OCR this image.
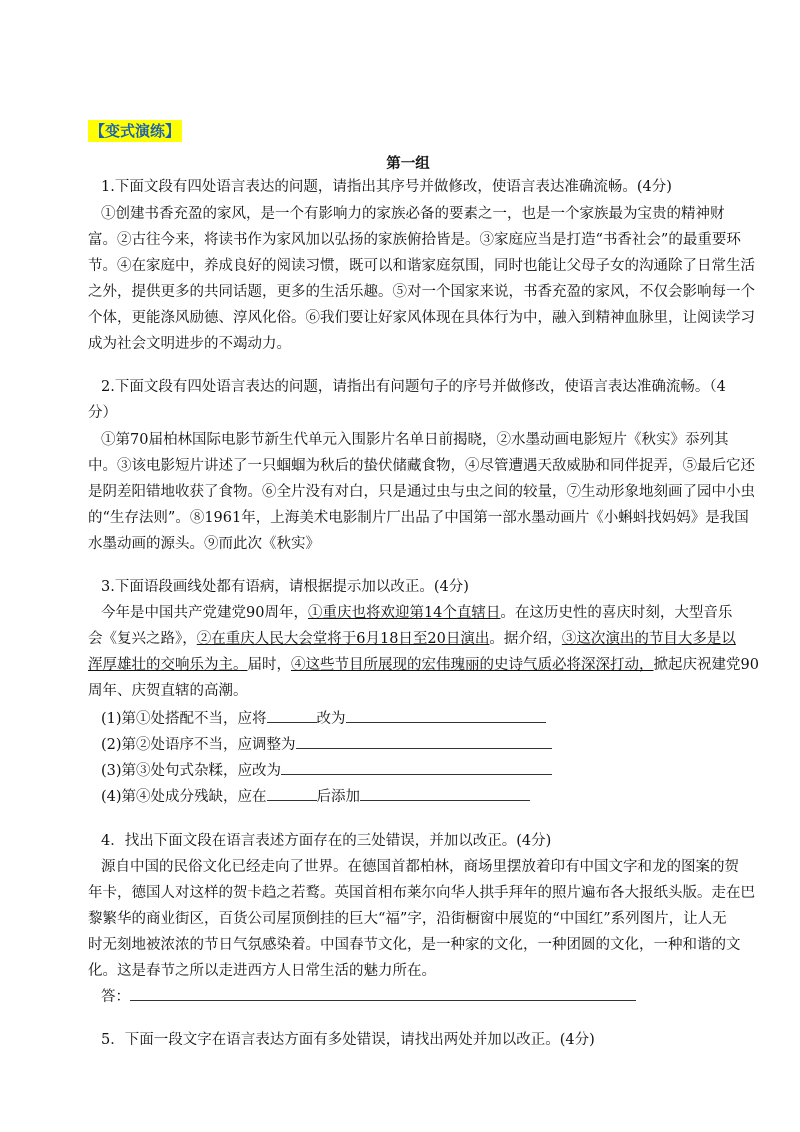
【变式演练】
第一组
1.下面文段有四处语言表达的问题，请指出其序号并做修改，使语言表达准确流畅。(4分)
①创建书香充盈的家风，是一个有影响力的家族必备的要素之一，也是一个家族最为宝贵的精神财
富。②古往今来，将读书作为家风加以弘扬的家族俯拾皆是。③家庭应当是打造“书香社会”的最重要环
节。④在家庭中，养成良好的阅读习惯，既可以和谐家庭氛围，同时也能让父母子女的沟通除了日常生活
之外，提供更多的共同话题，更多的生活乐趣。⑤对一个国家来说，书香充盈的家风，不仅会影响每一个
个体，更能涤风励德、淳风化俗。⑥我们要让好家风体现在具体行为中，融入到精神血脉里，让阅读学习
成为社会文明进步的不竭动力。
2.下面文段有四处语言表达的问题，请指出有问题句子的序号并做修改，使语言表达准确流畅。（4
分）
①第70届柏林国际电影节新生代单元入围影片名单日前揭晓，②水墨动画电影短片《秋实》忝列其
中。③该电影短片讲述了一只蝈蝈为秋后的蛰伏储藏食物，④尽管遭遇天敌威胁和同伴捉弄，⑤最后它还
是阴差阳错地收获了食物。⑥全片没有对白，只是通过虫与虫之间的较量，⑦生动形象地刻画了园中小虫
的“生存法则”。⑧1961年，上海美术电影制片厂出品了中国第一部水墨动画片《小蝌蚪找妈妈》是我国
水墨动画的源头。⑨而此次《秋实》
3.下面语段画线处都有语病，请根据提示加以改正。(4分)
今年是中国共产党建党90周年，①重庆也将欢迎第14个直辖日。在这历史性的喜庆时刻，大型音乐
会《复兴之路》，②在重庆人民大会堂将于6月18日至20日演出。据介绍，③这次演出的节目大多是以
浑厚雄壮的交响乐为主。届时，④这些节目所展现的宏伟瑰丽的史诗气质必将深深打动，掀起庆祝建党90
周年、庆贺直辖的高潮。
(1)第①处搭配不当，应将	改为
(2)第②处语序不当，应调整为
(3)第③处句式杂糅，应改为
(4)第④处成分残缺，应在	后添加
4．找出下面文段在语言表述方面存在的三处错误，并加以改正。(4分)
源自中国的民俗文化已经走向了世界。在德国首都柏林，商场里摆放着印有中国文字和龙的图案的贺
年卡，德国人对这样的贺卡趋之若鹜。英国首相布莱尔向华人拱手拜年的照片遍布各大报纸头版。走在巴
黎繁华的商业街区，百货公司屋顶倒挂的巨大“福”字，沿街橱窗中展览的“中国红”系列图片，让人无
时无刻地被浓浓的节日气氛感染着。中国春节文化，是一种家的文化，一种团圆的文化，一种和谐的文
化。这是春节之所以走进西方人日常生活的魅力所在。
答：
5．下面一段文字在语言表达方面有多处错误，请找出两处并加以改正。(4分)
